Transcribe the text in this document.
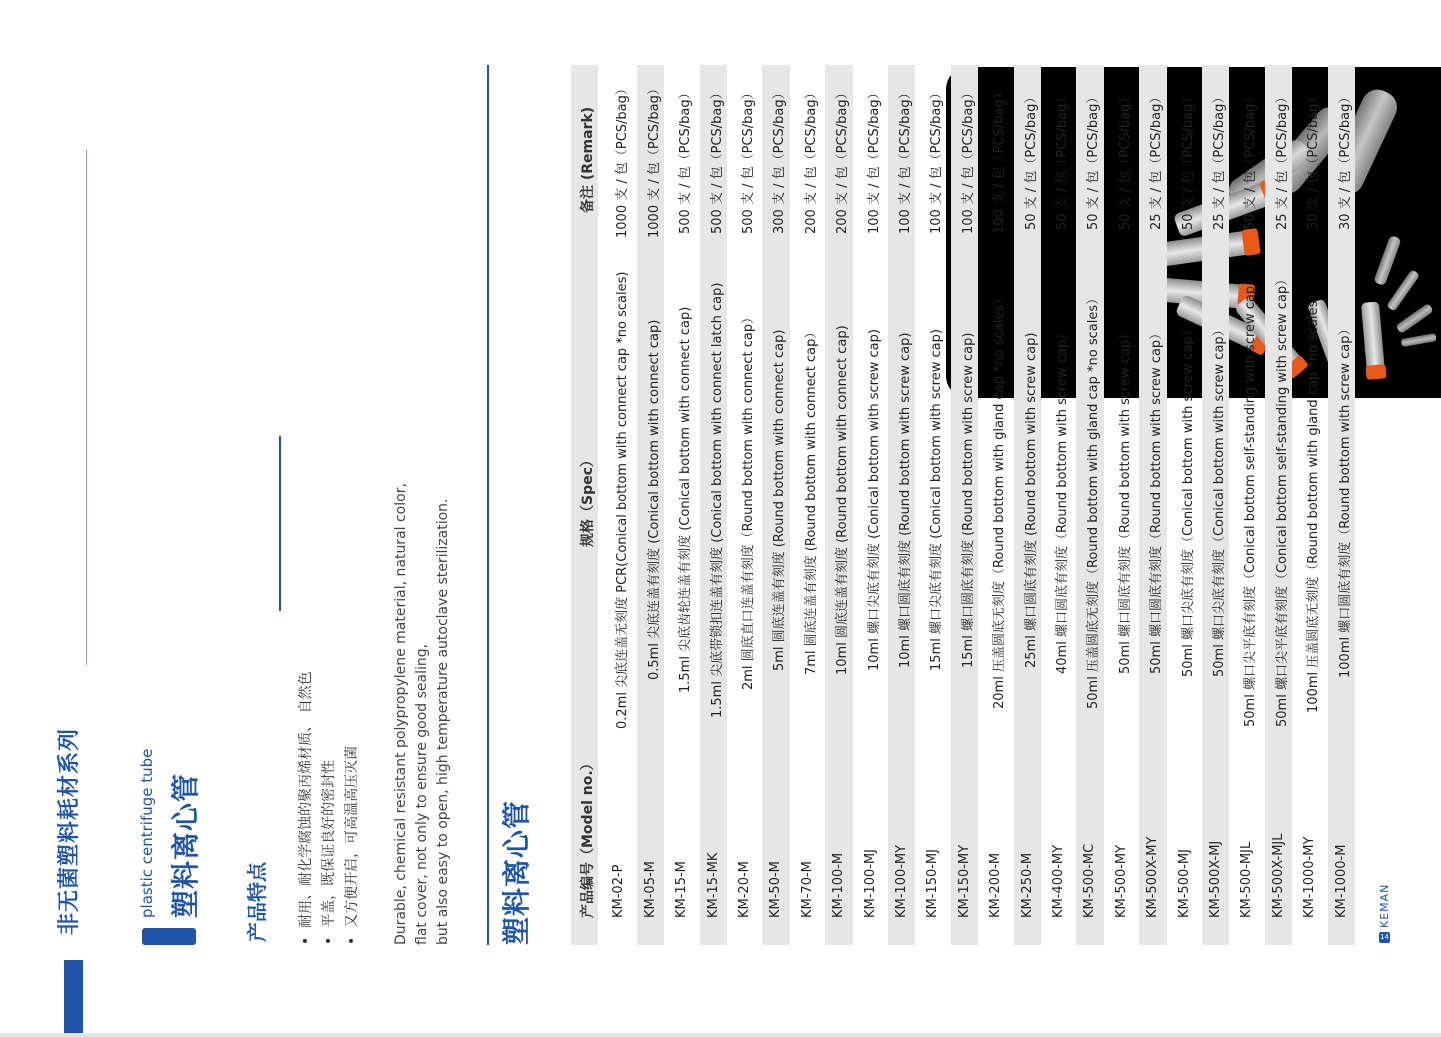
非无菌塑料耗材系列	plastic centrifuge tube 塑料离心管 产品特点 •  耐用、耐化学腐蚀的聚丙烯材质、 自然色
•  平盖，既保证良好的密封性
•  又方便开启，可高温高压灭菌 Durable, chemical resistant polypropylene material, natural color, flat cover, not only to ensure good sealing, but also easy to open, high temperature autoclave sterilization. 塑料离心管	产品编号（Model no.）
规格（Spec）
备注 (Remark)
KM-02-P
0.2ml 尖底连盖无刻度 PCR(Conical bottom with connect cap *no scales)
1000 支 / 包（PCS/bag）
KM-05-M
0.5ml 尖底连盖有刻度 (Conical bottom with connect cap)
1000 支 / 包（PCS/bag）
KM-15-M
1.5ml 尖底齿轮连盖有刻度 (Conical bottom with connect cap)
500 支 / 包（PCS/bag）
KM-15-MK
1.5ml 尖底带锁扣连盖有刻度 (Conical bottom with connect latch cap)
500 支 / 包（PCS/bag）
KM-20-M
2ml 圆底直口连盖有刻度（Round bottom with connect cap）
500 支 / 包（PCS/bag）
KM-50-M
5ml 圆底连盖有刻度 (Round bottom with connect cap)
300 支 / 包（PCS/bag）
KM-70-M
7ml 圆底连盖有刻度 (Round bottom with connect cap）
200 支 / 包（PCS/bag）
KM-100-M
10ml 圆底连盖有刻度 (Round bottom with connect cap)
200 支 / 包（PCS/bag）
KM-100-MJ
10ml 螺口尖底有刻度 (Conical bottom with screw cap)
100 支 / 包（PCS/bag）
KM-100-MY
10ml 螺口圆底有刻度 (Round bottom with screw cap)
100 支 / 包（PCS/bag）
KM-150-MJ
15ml 螺口尖底有刻度 (Conical bottom with screw cap)
100 支 / 包（PCS/bag）
KM-150-MY
15ml 螺口圆底有刻度 (Round bottom with screw cap)
100 支 / 包（PCS/bag）
KM-200-M
20ml 压盖圆底无刻度（Round bottom with gland cap *no scales）
100 支 / 包（PCS/bag）
KM-250-M
25ml 螺口圆底有刻度 (Round bottom with screw cap)
50 支 / 包（PCS/bag）
KM-400-MY
40ml 螺口圆底有刻度（Round bottom with screw cap）
50 支 / 包（PCS/bag）
KM-500-MC
50ml 压盖圆底无刻度（Round bottom with gland cap *no scales）
50 支 / 包（PCS/bag）
KM-500-MY
50ml 螺口圆底有刻度（Round bottom with screw cap）
50 支 / 包（PCS/bag）
KM-500X-MY
50ml 螺口圆底有刻度（Round bottom with screw cap）
25 支 / 包（PCS/bag）
KM-500-MJ
50ml 螺口尖底有刻度（Conical bottom with screw cap）
50 支 / 包（PCS/bag）
KM-500X-MJ
50ml 螺口尖底有刻度（Conical bottom with screw cap）
25 支 / 包（PCS/bag）
KM-500-MJL
50ml 螺口尖平底有刻度（Conical bottom self-standing with screw cap）
50 支 / 包（PCS/bag）
KM-500X-MJL
50ml 螺口尖平底有刻度（Conical bottom self-standing with screw cap）
25 支 / 包（PCS/bag）
KM-1000-MY
100ml 压盖圆底无刻度（Round bottom with gland cap *no scales）
30 支 / 包（PCS/bag）
KM-1000-M
100ml 螺口圆底有刻度（Round bottom with screw cap）
30 支 / 包（PCS/bag）
14
KEMAN
